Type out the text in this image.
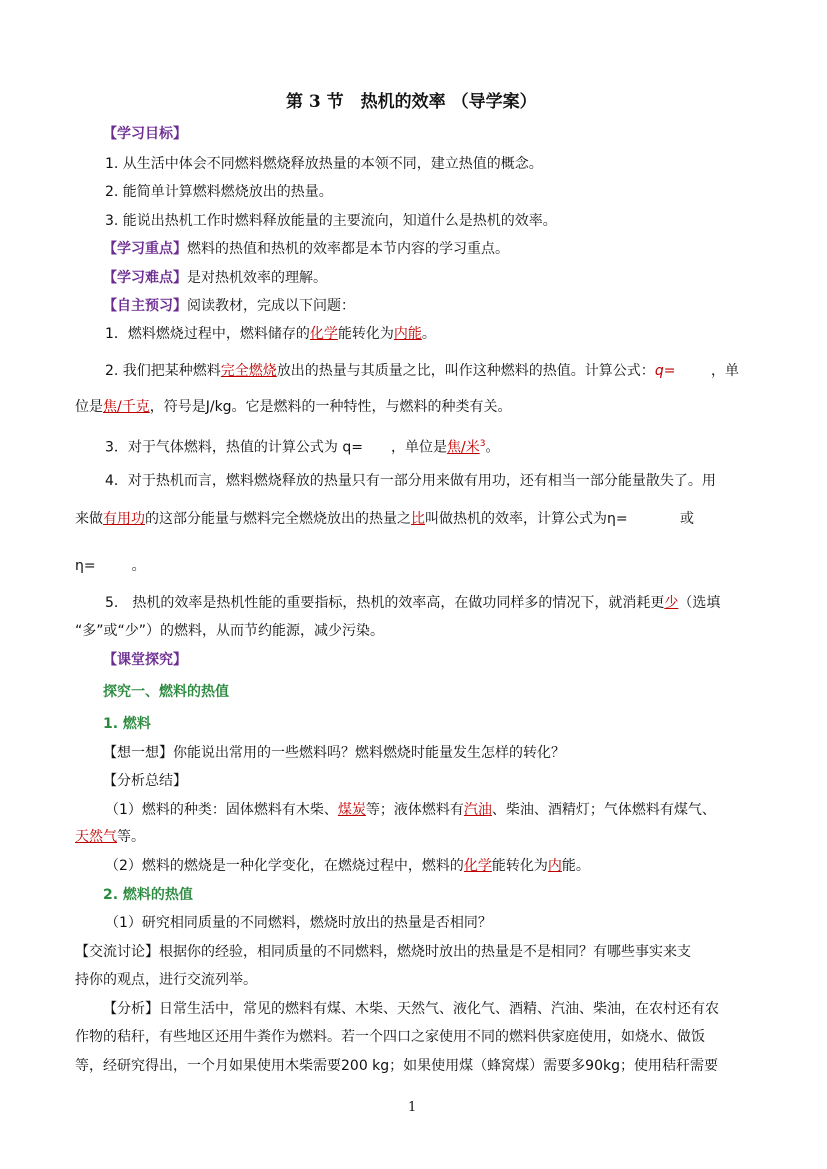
第 3 节　热机的效率 （导学案）
【学习目标】
1. 从生活中体会不同燃料燃烧释放热量的本领不同，建立热值的概念。
2. 能简单计算燃料燃烧放出的热量。
3. 能说出热机工作时燃料释放能量的主要流向，知道什么是热机的效率。
【学习重点】燃料的热值和热机的效率都是本节内容的学习重点。
【学习难点】是对热机效率的理解。
【自主预习】阅读教材，完成以下问题：
1．燃料燃烧过程中，燃料储存的化学能转化为内能。
2. 我们把某种燃料完全燃烧放出的热量与其质量之比，叫作这种燃料的热值。计算公式：q=	，单
位是焦/千克，符号是J/kg。它是燃料的一种特性，与燃料的种类有关。
3．对于气体燃料，热值的计算公式为 q=　　，单位是焦/米$^3$。
4．对于热机而言，燃料燃烧释放的热量只有一部分用来做有用功，还有相当一部分能量散失了。用
来做有用功的这部分能量与燃料完全燃烧放出的热量之比叫做热机的效率，计算公式为η=	或
η=	。
5.　热机的效率是热机性能的重要指标，热机的效率高，在做功同样多的情况下，就消耗更少（选填
“多”或“少”）的燃料，从而节约能源，减少污染。
【课堂探究】
探究一、燃料的热值
1. 燃料
【想一想】你能说出常用的一些燃料吗？燃料燃烧时能量发生怎样的转化？
【分析总结】
（1）燃料的种类：固体燃料有木柴、煤炭等；液体燃料有汽油、柴油、酒精灯；气体燃料有煤气、
天然气等。
（2）燃料的燃烧是一种化学变化，在燃烧过程中，燃料的化学能转化为内能。
2. 燃料的热值
（1）研究相同质量的不同燃料，燃烧时放出的热量是否相同？
【交流讨论】根据你的经验，相同质量的不同燃料，燃烧时放出的热量是不是相同？有哪些事实来支
持你的观点，进行交流列举。
【分析】日常生活中，常见的燃料有煤、木柴、天然气、液化气、酒精、汽油、柴油，在农村还有农
作物的秸秆，有些地区还用牛粪作为燃料。若一个四口之家使用不同的燃料供家庭使用，如烧水、做饭
等，经研究得出，一个月如果使用木柴需要200 kg；如果使用煤（蜂窝煤）需要多90kg；使用秸秆需要
1
